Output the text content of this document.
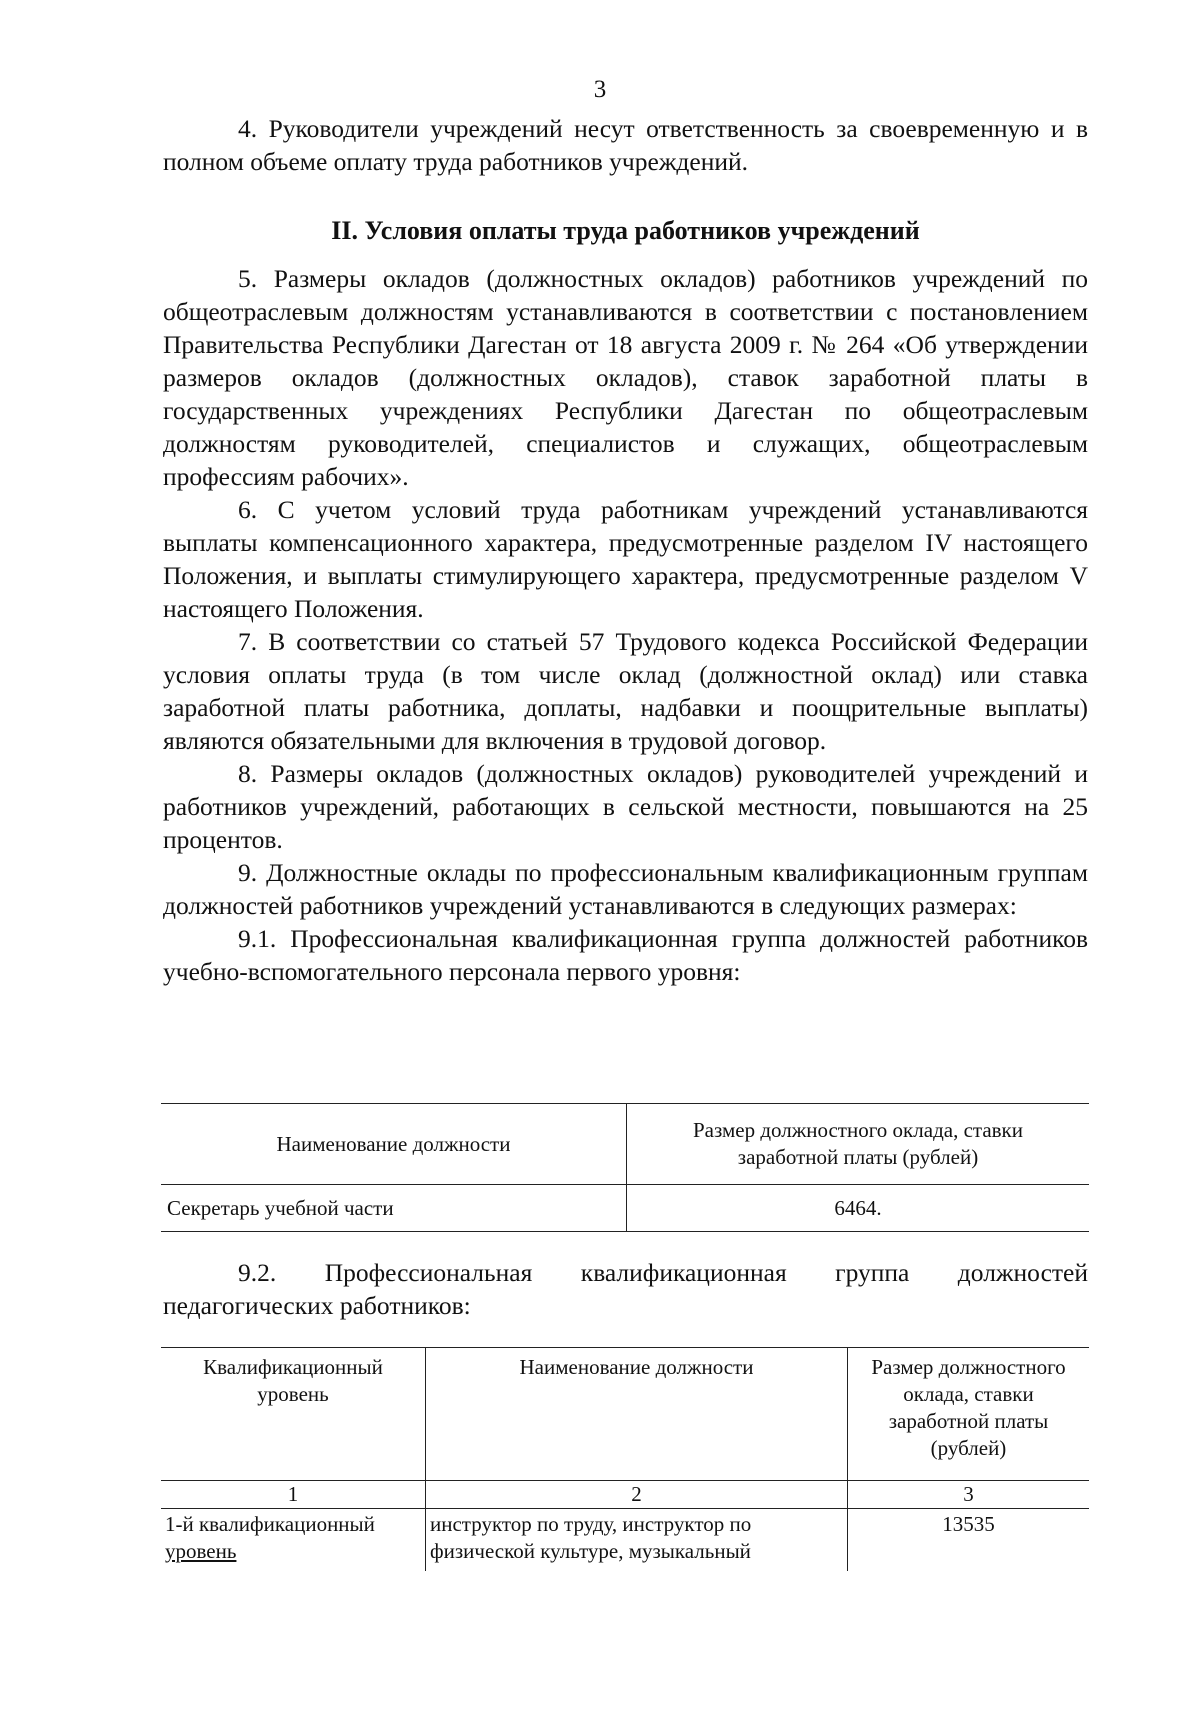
3

4. Руководители учреждений несут ответственность за своевременную и в полном объеме оплату труда работников учреждений.

II. Условия оплаты труда работников учреждений

5. Размеры окладов (должностных окладов) работников учреждений по общеотраслевым должностям устанавливаются в соответствии с постановлением Правительства Республики Дагестан от 18 августа 2009 г. № 264 «Об утверждении размеров окладов (должностных окладов), ставок заработной платы в государственных учреждениях Республики Дагестан по общеотраслевым должностям руководителей, специалистов и служащих, общеотраслевым профессиям рабочих».

6. С учетом условий труда работникам учреждений устанавливаются выплаты компенсационного характера, предусмотренные разделом IV настоящего Положения, и выплаты стимулирующего характера, предусмотренные разделом V настоящего Положения.

7. В соответствии со статьей 57 Трудового кодекса Российской Федерации условия оплаты труда (в том числе оклад (должностной оклад) или ставка заработной платы работника, доплаты, надбавки и поощрительные выплаты) являются обязательными для включения в трудовой договор.

8. Размеры окладов (должностных окладов) руководителей учреждений и работников учреждений, работающих в сельской местности, повышаются на 25 процентов.

9. Должностные оклады по профессиональным квалификационным группам должностей работников учреждений устанавливаются в следующих размерах:

9.1. Профессиональная квалификационная группа должностей работников учебно-вспомогательного персонала первого уровня:

Наименование должности	Размер должностного оклада, ставки
заработной платы (рублей)
Секретарь учебной части	6464.

9.2. Профессиональная квалификационная группа должностей педагогических работников:

Квалификационный
уровень	Наименование должности	Размер должностного
оклада, ставки
заработной платы
(рублей)
1	2	3
1-й квалификационный
уровень	инструктор по труду, инструктор по
физической культуре, музыкальный	13535
